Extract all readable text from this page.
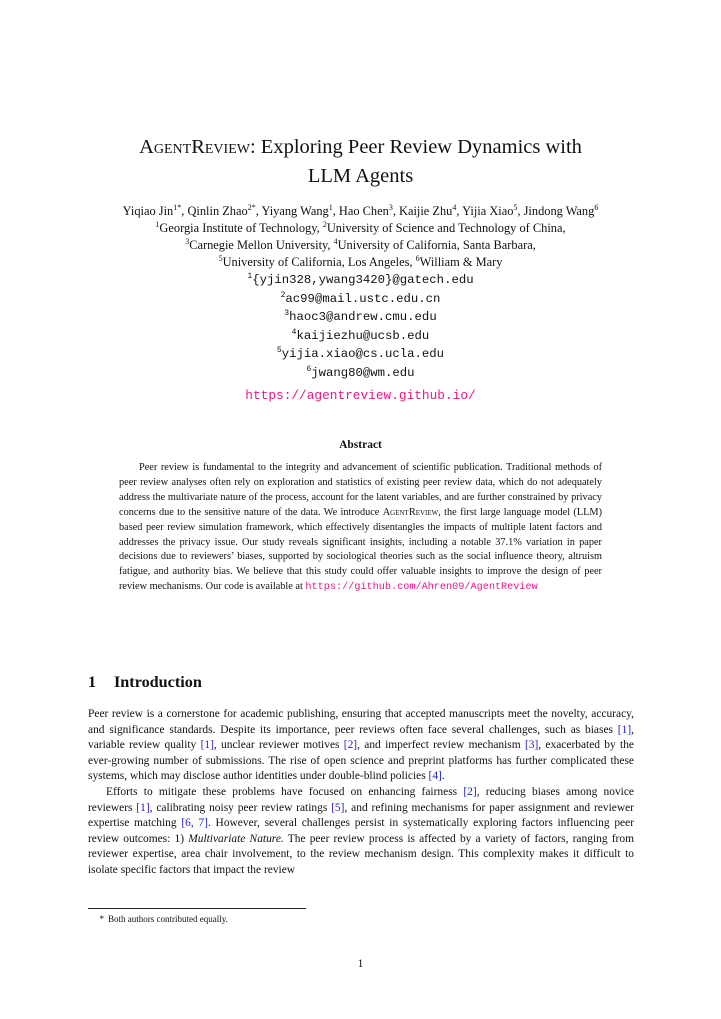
AgentReview: Exploring Peer Review Dynamics with
LLM Agents
Yiqiao Jin$^{1*}$, Qinlin Zhao$^{2*}$, Yiyang Wang$^1$, Hao Chen$^3$, Kaijie Zhu$^4$, Yijia Xiao$^5$, Jindong Wang$^6$
$^1$Georgia Institute of Technology, $^2$University of Science and Technology of China,
$^3$Carnegie Mellon University, $^4$University of California, Santa Barbara,
$^5$University of California, Los Angeles, $^6$William & Mary
$^1${yjin328,ywang3420}@gatech.edu
$^2$ac99@mail.ustc.edu.cn
$^3$haoc3@andrew.cmu.edu
$^4$kaijiezhu@ucsb.edu
$^5$yijia.xiao@cs.ucla.edu
$^6$jwang80@wm.edu
https://agentreview.github.io/
Abstract
Peer review is fundamental to the integrity and advancement of scientific publication. Traditional methods of peer review analyses often rely on exploration and statistics of existing peer review data, which do not adequately address the multivariate nature of the process, account for the latent variables, and are further constrained by privacy concerns due to the sensitive nature of the data. We introduce AgentReview, the first large language model (LLM) based peer review simulation framework, which effectively disentangles the impacts of multiple latent factors and addresses the privacy issue. Our study reveals significant insights, including a notable 37.1% variation in paper decisions due to reviewers’ biases, supported by sociological theories such as the social influence theory, altruism fatigue, and authority bias. We believe that this study could offer valuable insights to improve the design of peer review mechanisms. Our code is available at https://github.com/Ahren09/AgentReview
1 Introduction

Peer review is a cornerstone for academic publishing, ensuring that accepted manuscripts meet the novelty, accuracy, and significance standards. Despite its importance, peer reviews often face several challenges, such as biases [1], variable review quality [1], unclear reviewer motives [2], and imperfect review mechanism [3], exacerbated by the ever-growing number of submissions. The rise of open science and preprint platforms has further complicated these systems, which may disclose author identities under double-blind policies [4].

Efforts to mitigate these problems have focused on enhancing fairness [2], reducing biases among novice reviewers [1], calibrating noisy peer review ratings [5], and refining mechanisms for paper assignment and reviewer expertise matching [6, 7]. However, several challenges persist in systematically exploring factors influencing peer review outcomes: 1) Multivariate Nature. The peer review process is affected by a variety of factors, ranging from reviewer expertise, area chair involvement, to the review mechanism design. This complexity makes it difficult to isolate specific factors that impact the review

* Both authors contributed equally.
1
